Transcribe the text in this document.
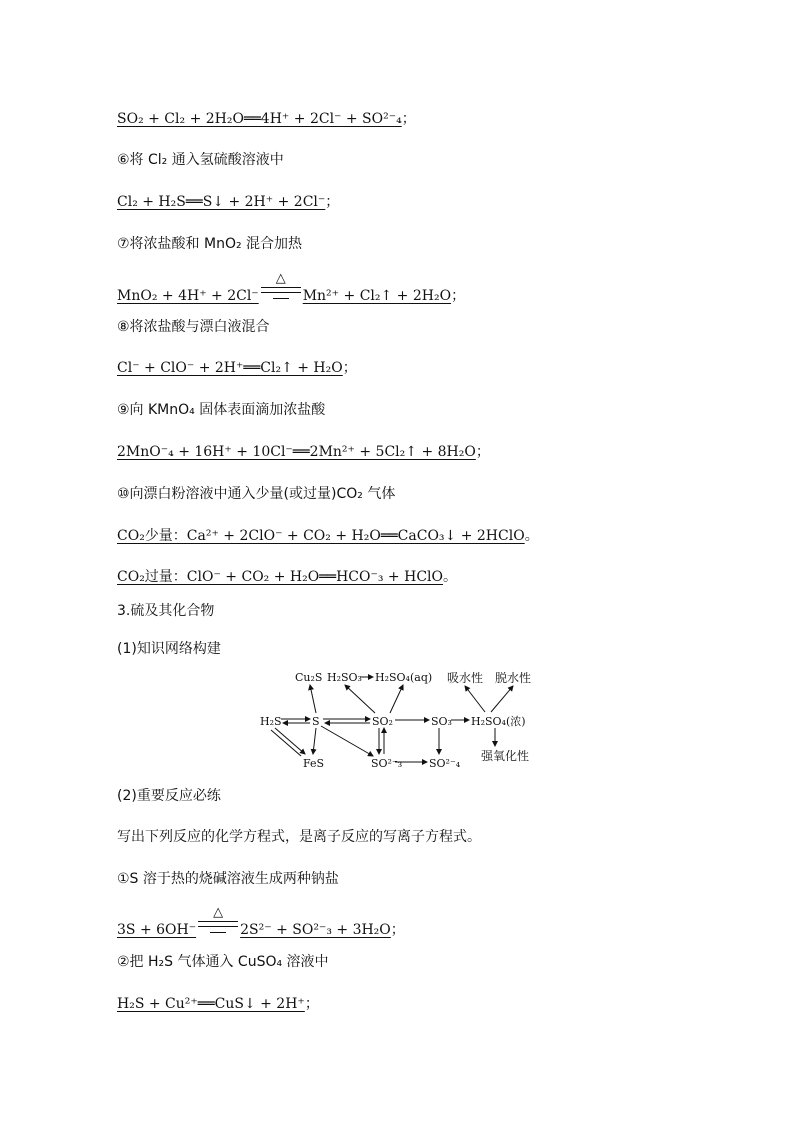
SO₂ + Cl₂ + 2H₂O══4H⁺ + 2Cl⁻ + SO²⁻₄；
⑥将 Cl₂ 通入氢硫酸溶液中
Cl₂ + H₂S══S↓ + 2H⁺ + 2Cl⁻；
⑦将浓盐酸和 MnO₂ 混合加热
MnO₂ + 4H⁺ + 2Cl⁻
△
Mn²⁺ + Cl₂↑ + 2H₂O；
⑧将浓盐酸与漂白液混合
Cl⁻ + ClO⁻ + 2H⁺══Cl₂↑ + H₂O；
⑨向 KMnO₄ 固体表面滴加浓盐酸
2MnO⁻₄ + 16H⁺ + 10Cl⁻══2Mn²⁺ + 5Cl₂↑ + 8H₂O；
⑩向漂白粉溶液中通入少量(或过量)CO₂ 气体
CO₂少量：Ca²⁺ + 2ClO⁻ + CO₂ + H₂O══CaCO₃↓ + 2HClO。
CO₂过量：ClO⁻ + CO₂ + H₂O══HCO⁻₃ + HClO。
3.硫及其化合物
(1)知识网络构建
Cu₂S H₂SO₃ H₂SO₄(aq) 吸水性 脱水性
H₂S	S	SO₂	SO₃ H₂SO₄(浓)
FeS	SO²⁻₃ SO²⁻₄
强氧化性
(2)重要反应必练
写出下列反应的化学方程式，是离子反应的写离子方程式。
①S 溶于热的烧碱溶液生成两种钠盐
3S + 6OH⁻
△
2S²⁻ + SO²⁻₃ + 3H₂O；
②把 H₂S 气体通入 CuSO₄ 溶液中
H₂S + Cu²⁺══CuS↓ + 2H⁺；
